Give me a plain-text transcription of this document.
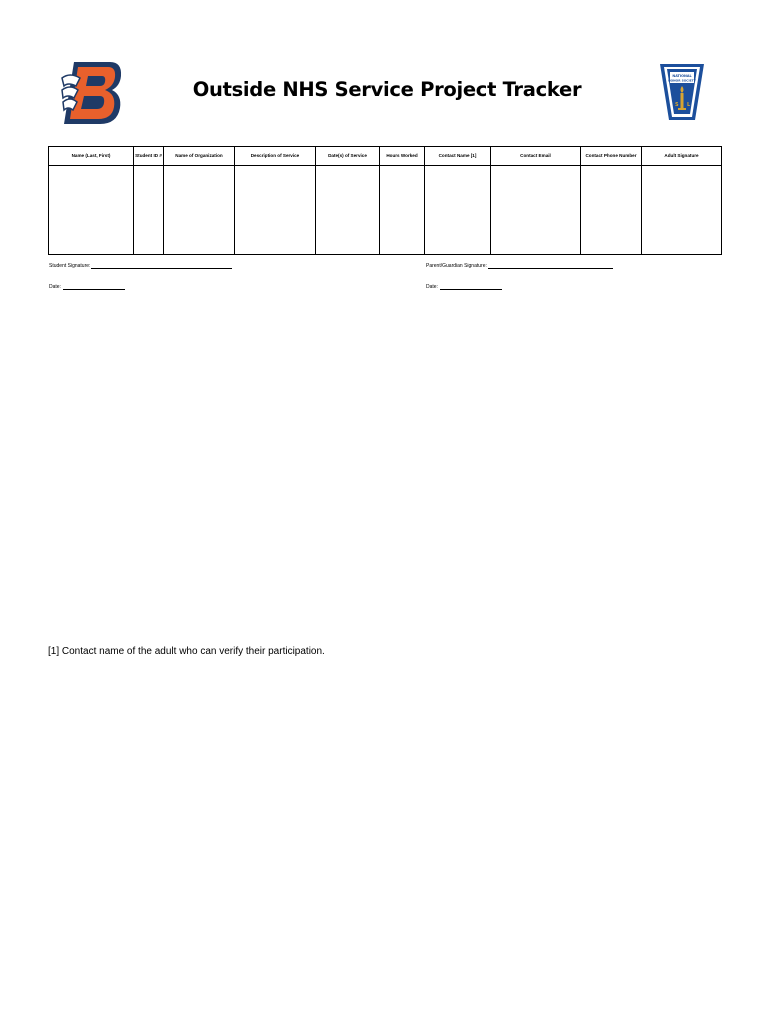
Outside NHS Service Project Tracker
NATIONAL
HONOR SOCIETY
S L
Name (Last, First)	Student ID #	Name of Organization	Description of Service	Date(s) of Service	Hours Worked	Contact Name [1]	Contact Email	Contact Phone Number	Adult Signature

Student Signature:	Parent/Guardian Signature:
Date:	Date:
[1] Contact name of the adult who can verify their participation.
